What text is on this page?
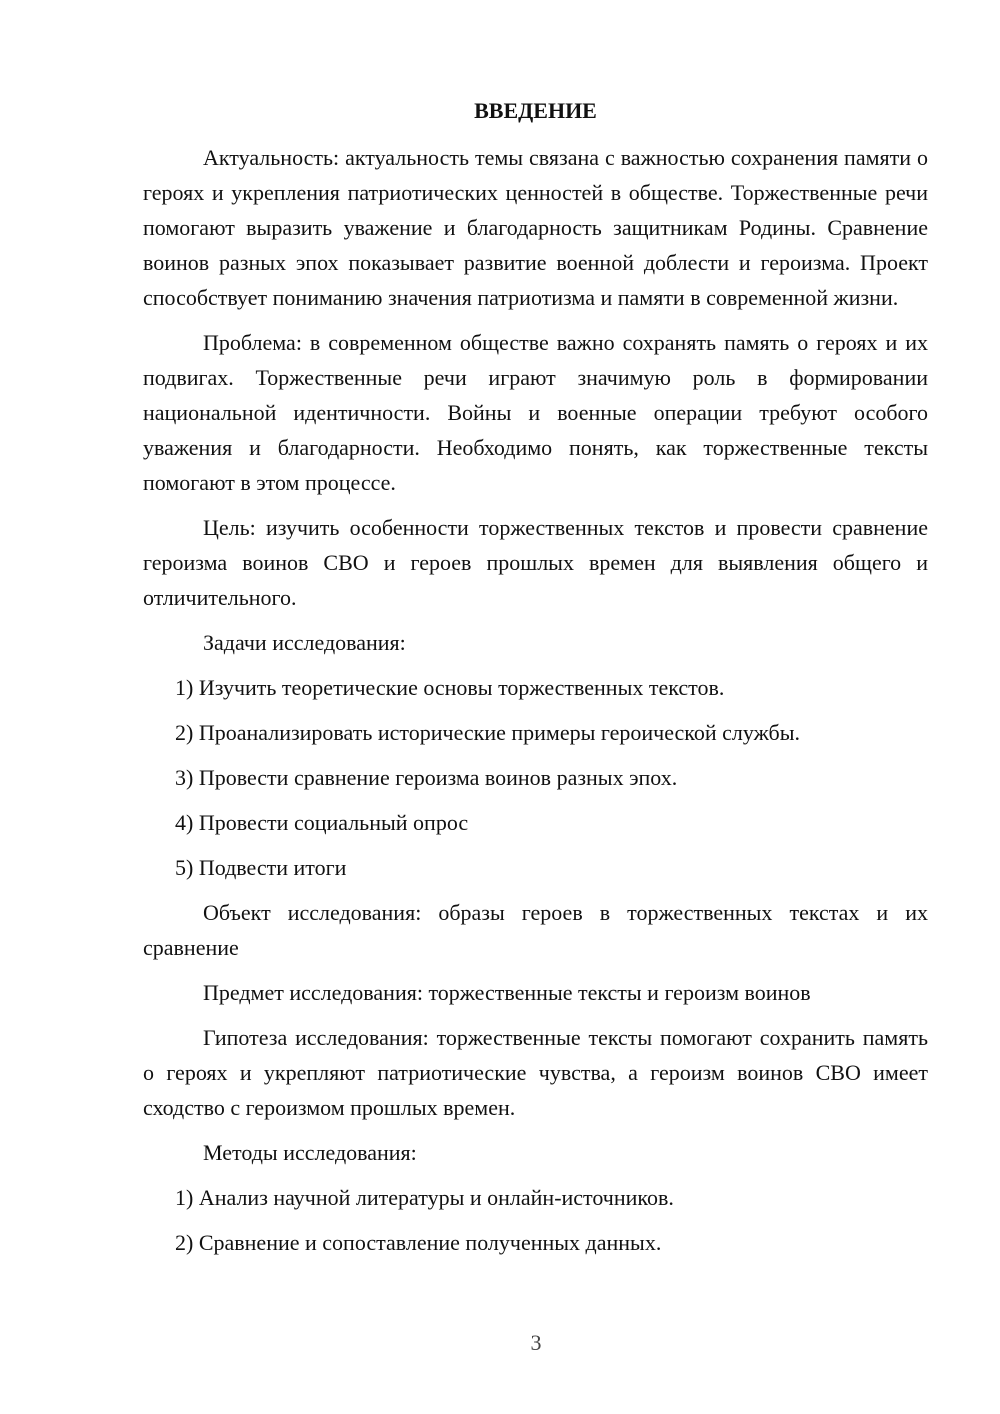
ВВЕДЕНИЕ

Актуальность: актуальность темы связана с важностью сохранения памяти о героях и укрепления патриотических ценностей в обществе. Торжественные речи помогают выразить уважение и благодарность защитникам Родины. Сравнение воинов разных эпох показывает развитие военной доблести и героизма. Проект способствует пониманию значения патриотизма и памяти в современной жизни.

Проблема: в современном обществе важно сохранять память о героях и их подвигах. Торжественные речи играют значимую роль в формировании национальной идентичности. Войны и военные операции требуют особого уважения и благодарности. Необходимо понять, как торжественные тексты помогают в этом процессе.

Цель: изучить особенности торжественных текстов и провести сравнение героизма воинов СВО и героев прошлых времен для выявления общего и отличительного.

Задачи исследования:

1) Изучить теоретические основы торжественных текстов.
2) Проанализировать исторические примеры героической службы.
3) Провести сравнение героизма воинов разных эпох.
4) Провести социальный опрос
5) Подвести итоги

Объект исследования: образы героев в торжественных текстах и их сравнение

Предмет исследования: торжественные тексты и героизм воинов

Гипотеза исследования: торжественные тексты помогают сохранить память о героях и укрепляют патриотические чувства, а героизм воинов СВО имеет сходство с героизмом прошлых времен.

Методы исследования:

1) Анализ научной литературы и онлайн-источников.
2) Сравнение и сопоставление полученных данных.
3
